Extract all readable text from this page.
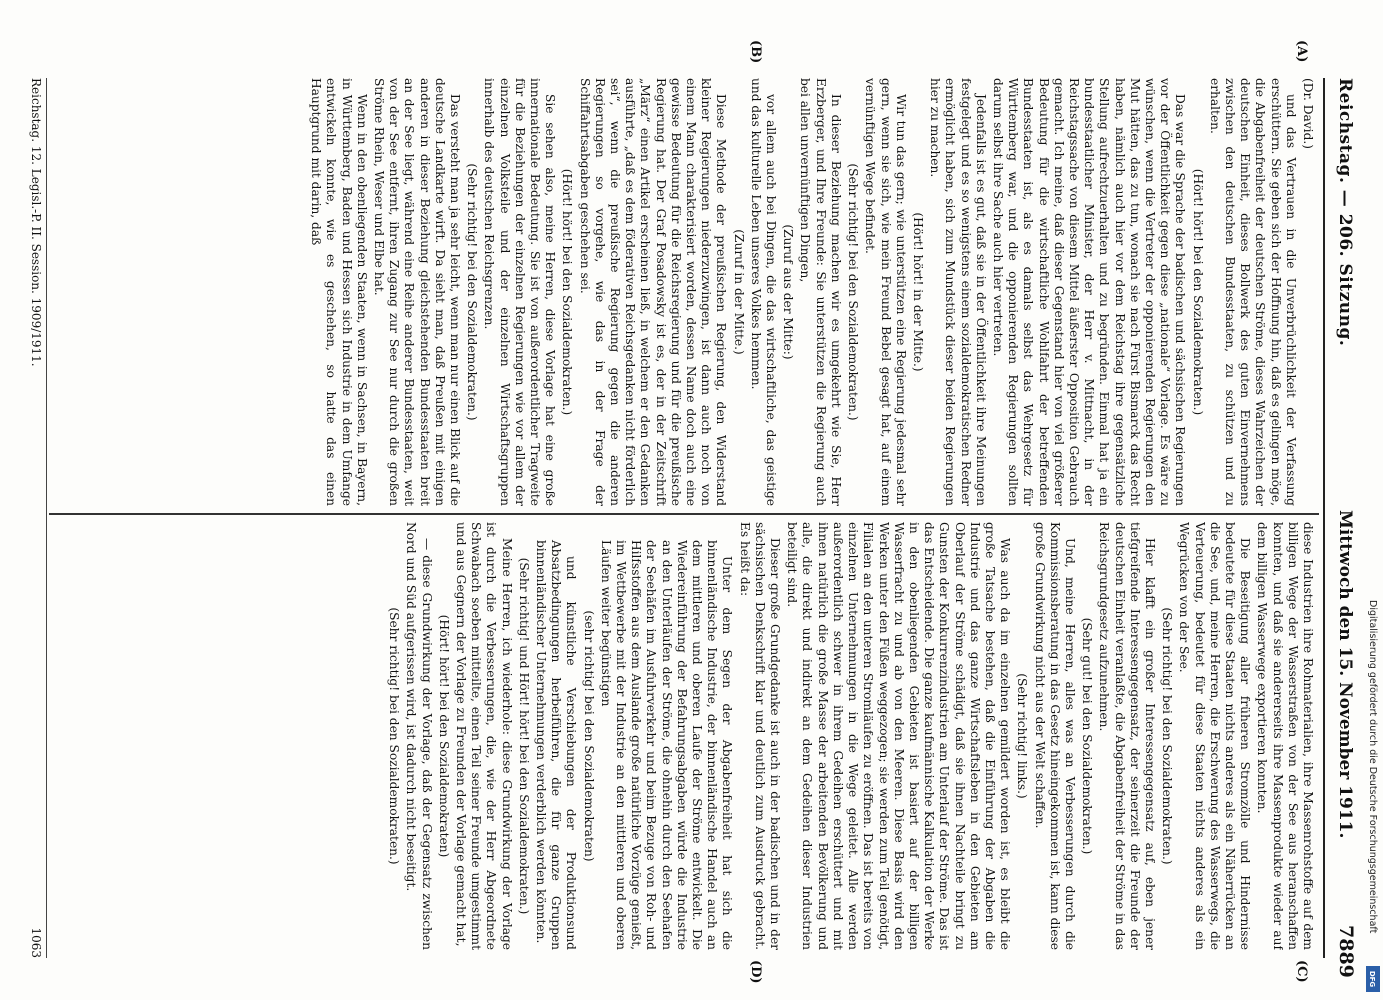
Reichstag. — 206. Sitzung.
Mittwoch den 15. November 1911.
7889
(A)
(B)
(C)
(D)

(Dr. David.)

und das Vertrauen in die Unverbrüchlichkeit der Verfassung erschüttern. Sie geben sich der Hoffnung hin, daß es gelingen möge, die Abgabenfreiheit der deutschen Ströme, dieses Wahrzeichen der deutschen Einheit, dieses Bollwerk des guten Einvernehmens zwischen den deutschen Bundesstaaten, zu schützen und zu erhalten.

(Hört! hört! bei den Sozialdemokraten.)

Das war die Sprache der badischen und sächsischen Regierungen vor der Öffentlichkeit gegen diese „nationale“ Vorlage. Es wäre zu wünschen, wenn die Vertreter der opponierenden Regierungen den Mut hätten, das zu tun, wonach sie nach Fürst Bismarck das Recht haben, nämlich auch hier vor dem Reichstag ihre gegensätzliche Stellung aufrechtzuerhalten und zu begründen. Einmal hat ja ein bundesstaatlicher Minister, der Herr v. Mittnacht, in der Reichstagssache von diesem Mittel äußerster Opposition Gebrauch gemacht. Ich meine, daß dieser Gegenstand hier von viel größerer Bedeutung für die wirtschaftliche Wohlfahrt der betreffenden Bundesstaaten ist, als es damals selbst das Wehrgesetz für Württemberg war, und die opponierenden Regierungen sollten darum selbst ihre Sache auch hier vertreten.

Jedenfalls ist es gut, daß sie in der Öffentlichkeit ihre Meinungen festgelegt und es so wenigstens einem sozialdemokratischen Redner ermöglicht haben, sich zum Mundstück dieser beiden Regierungen hier zu machen.

(Hört! hört! in der Mitte.)

Wir tun das gern; wie unterstützen eine Regierung jedesmal sehr gern, wenn sie sich, wie mein Freund Bebel gesagt hat, auf einem vernünftigen Wege befindet.

(Sehr richtig! bei den Sozialdemokraten.)

In dieser Beziehung machen wir es umgekehrt wie Sie, Herr Erzberger, und Ihre Freunde: Sie unterstützen die Regierung auch bei allen unvernünftigen Dingen,

(Zuruf aus der Mitte:)

vor allem auch bei Dingen, die das wirtschaftliche, das geistige und das kulturelle Leben unseres Volkes hemmen.

(Zuruf in der Mitte.)

Diese Methode der preußischen Regierung, den Widerstand kleiner Regierungen niederzuzwingen, ist dann auch noch von einem Mann charakterisiert worden, dessen Name doch auch eine gewisse Bedeutung für die Reichsregierung und für die preußische Regierung hat. Der Graf Posadowsky ist es, der in der Zeitschrift „März“ einen Artikel erscheinen ließ, in welchem er den Gedanken ausführte, „daß es dem föderativen Reichsgedanken nicht förderlich sei“, wenn die preußische Regierung gegen die anderen Regierungen so vorgehe, wie das in der Frage der Schiffahrtsabgaben geschehen sei.

(Hört! hört! bei den Sozialdemokraten.)

Sie sehen also, meine Herren, diese Vorlage hat eine große innernationale Bedeutung. Sie ist von außerordentlicher Tragweite für die Beziehungen der einzelnen Regierungen wie vor allem der einzelnen Volksteile und der einzelnen Wirtschaftsgruppen innerhalb des deutschen Reichsgrenzen.

(Sehr richtig! bei den Sozialdemokraten.)

Das versteht man ja sehr leicht, wenn man nur einen Blick auf die deutsche Landkarte wirft. Da sieht man, daß Preußen mit einigen anderen in dieser Beziehung gleichstehenden Bundesstaaten breit an der See liegt, während eine Reihe anderer Bundesstaaten, weit von der See entfernt, ihren Zugang zur See nur durch die großen Ströme Rhein, Weser und Elbe hat.

Wenn in den obenliegenden Staaten, wenn in Sachsen, in Bayern, in Württemberg, Baden und Hessen sich Industrie in dem Umfange entwickeln konnte, wie es geschehen, so hatte das einen Hauptgrund mit darin, daß

diese Industrien ihre Rohmaterialien, ihre Massenrohstoffe auf dem billigen Wege der Wasserstraßen von der See aus heranschaffen konnten, und daß sie andererseits ihre Massenprodukte wieder auf dem billigen Wasserwege exportieren konnten.

Die Beseitigung aller früheren Stromzölle und Hindernisse bedeutete für diese Staaten nichts anderes als ein Näherrücken an die See, und, meine Herren, die Erschwerung des Wasserwegs, die Verteuerung, bedeutet für diese Staaten nichts anderes als ein Wegrücken von der See.

(Sehr richtig! bei den Sozialdemokraten.)

Hier klafft ein großer Interessengegensatz auf, eben jener tiefgreifende Interessengegensatz, der seinerzeit die Freunde der deutschen Einheit veranlaßte, die Abgabenfreiheit der Ströme in das Reichsgrundgesetz aufzunehmen.

(Sehr gut! bei den Sozialdemokraten.)

Und, meine Herren, alles was an Verbesserungen durch die Kommissionsberatung in das Gesetz hineingekommen ist, kann diese große Grundwirkung nicht aus der Welt schaffen.

(Sehr richtig! links.)

Was auch da im einzelnen gemildert worden ist, es bleibt die große Tatsache bestehen, daß die Einführung der Abgaben die Industrie und das ganze Wirtschaftsleben in den Gebieten am Oberlauf der Ströme schädigt, daß sie ihnen Nachteile bringt zu Gunsten der Konkurrenzindustrien am Unterlauf der Ströme. Das ist das Entscheidende. Die ganze kaufmännische Kalkulation der Werke in den obenliegenden Gebieten ist basiert auf der billigen Wasserfracht zu und ab von den Meeren. Diese Basis wird den Werken unter den Füßen weggezogen; sie werden zum Teil genötigt, Filialen an den unteren Stromläufen zu eröffnen. Das ist bereits von einzelnen Unternehmungen in die Wege geleitet. Alle werden außerordentlich schwer in ihrem Gedeihen erschüttert und mit ihnen natürlich die große Masse der arbeitenden Bevölkerung und alle, die direkt und indirekt an dem Gedeihen dieser Industrien beteiligt sind.

Dieser große Grundgedanke ist auch in der badischen und in der sächsischen Denkschrift klar und deutlich zum Ausdruck gebracht. Es heißt da:

Unter dem Segen der Abgabenfreiheit hat sich die binnenländische Industrie, der binnenländische Handel auch an dem mittleren und oberen Laufe der Ströme entwickelt. Die Wiedereinführung der Befahrungsabgaben würde die Industrie an den Unterläufen der Ströme, die ohnehin durch den Seehafen der Seehäfen im Ausfuhrverkehr und beim Bezuge von Roh- und Hilfsstoffen aus dem Auslande große natürliche Vorzüge genießt, im Wettbewerbe mit der Industrie an den mittleren und oberen Läufen weiter begünstigen

(sehr richtig! bei den Sozialdemokraten)

und künstliche Verschiebungen der Produktionsund Absatzbedingungen herbeiführen, die für ganze Gruppen binnenländischer Unternehmungen verderblich werden könnten.

(Sehr richtig! und Hört! hört! bei den Sozialdemokraten.)

Meine Herren, ich wiederhole: diese Grundwirkung der Vorlage ist durch die Verbesserungen, die, wie der Herr Abgeordnete Schwabach soeben mitteilte, einen Teil seiner Freunde umgestimmt und aus Gegnern der Vorlage zu Freunden der Vorlage gemacht hat,

(Hört! hört! bei den Sozialdemokraten)

— diese Grundwirkung der Vorlage, daß der Gegensatz zwischen Nord und Süd aufgerissen wird, ist dadurch nicht beseitigt.

(Sehr richtig! bei den Sozialdemokraten.)

Reichstag. 12. Legisl.-P. II. Session. 1909/1911.
1063
Digitalisierung gefördert durch die Deutsche Forschungsgemeinschaft
DFG
